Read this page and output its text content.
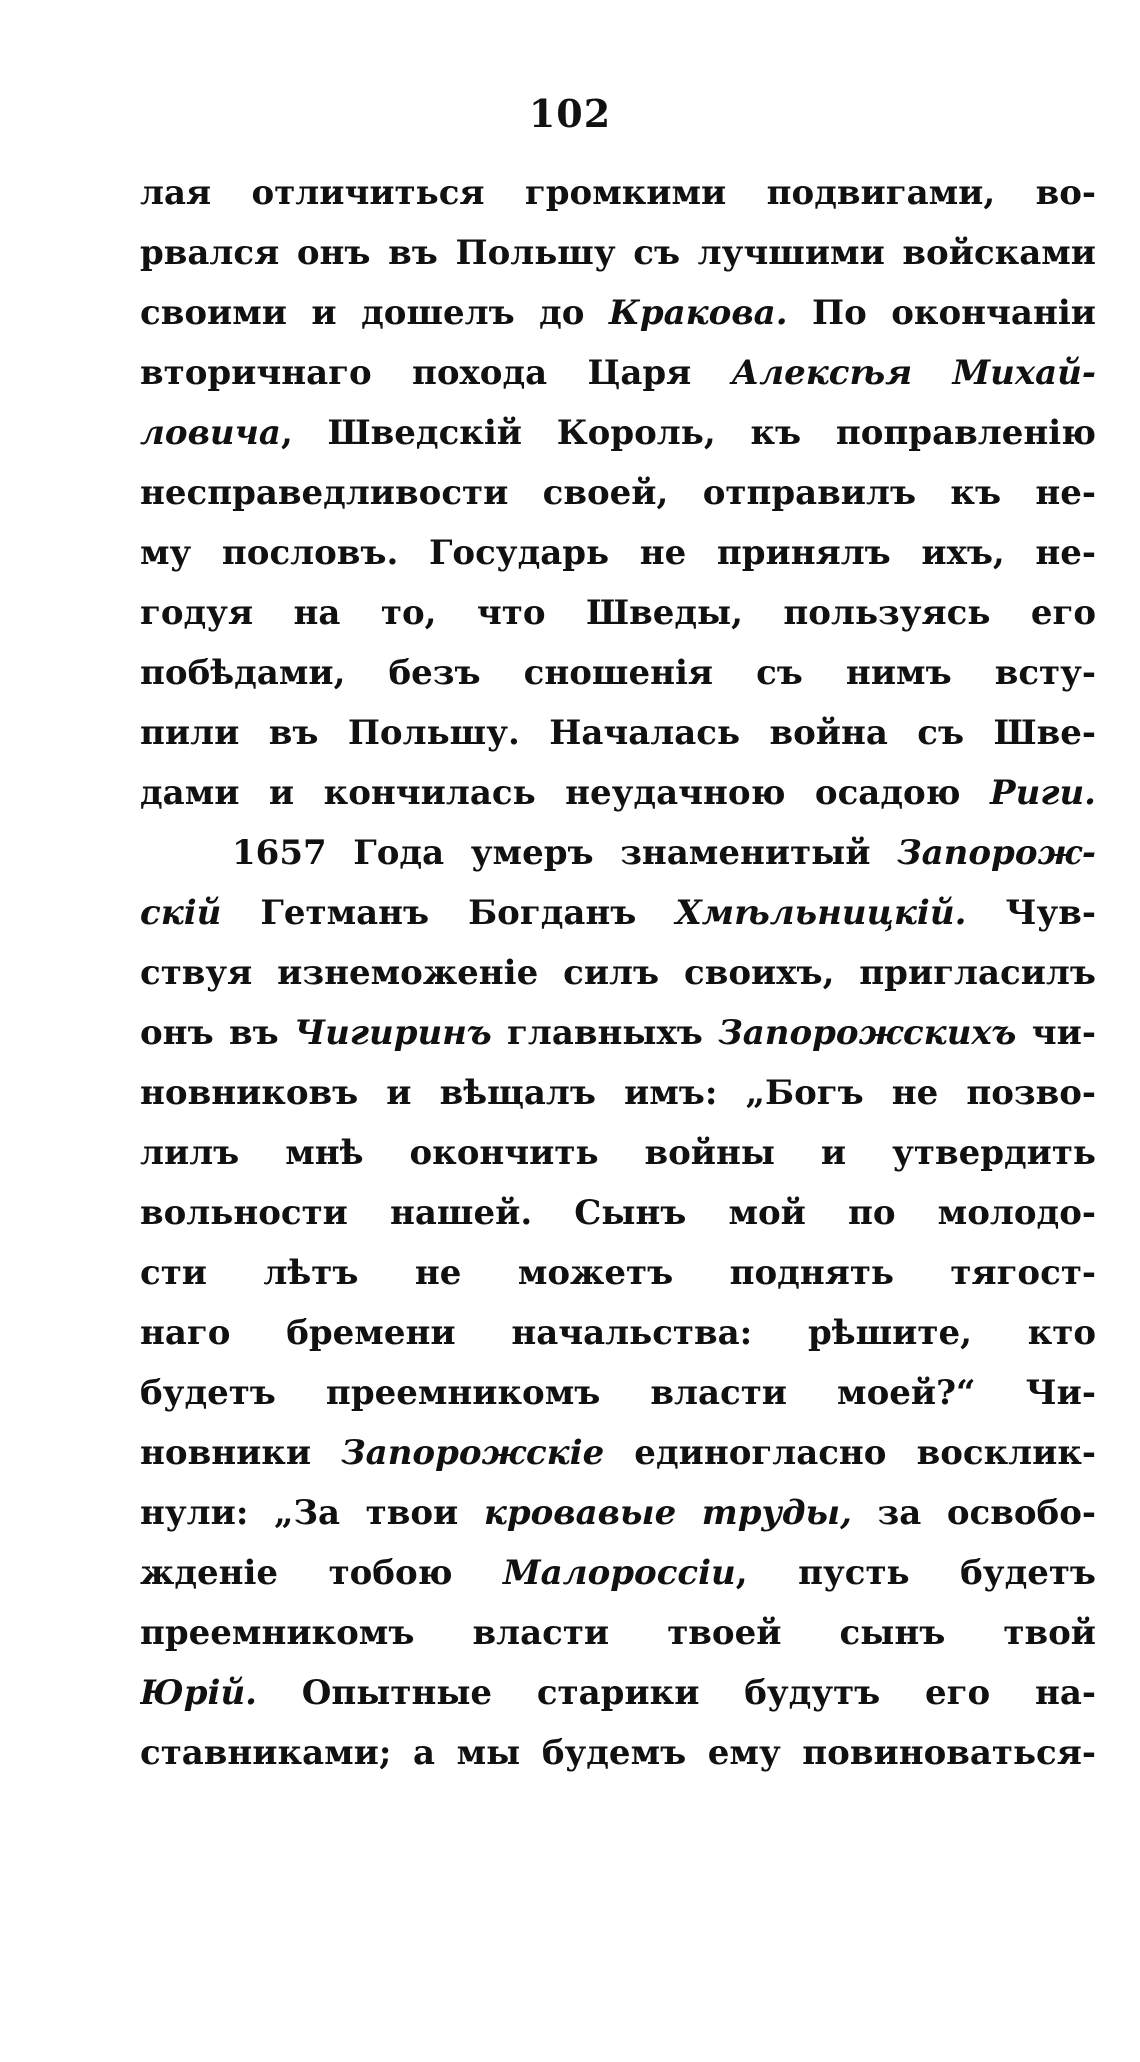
102
лая отличиться громкими подвигами, во-
рвался онъ въ Польшу съ лучшими войсками
своими и дошелъ до Кракова. По окончаніи
вторичнаго похода Царя Алексѣя Михай-
ловича, Шведскій Король, къ поправленію
несправедливости своей, отправилъ къ не-
му пословъ. Государь не принялъ ихъ, не-
годуя на то, что Шведы, пользуясь его
побѣдами, безъ сношенія съ нимъ всту-
пили въ Польшу. Началась война съ Шве-
дами и кончилась неудачною осадою Риги.
1657 Года умеръ знаменитый Запорож-
скій Гетманъ Богданъ Хмѣльницкій. Чув-
ствуя изнеможеніе силъ своихъ, пригласилъ
онъ въ Чигиринъ главныхъ Запорожскихъ чи-
новниковъ и вѣщалъ имъ: „Богъ не позво-
лилъ мнѣ окончить войны и утвердить
вольности нашей. Сынъ мой по молодо-
сти лѣтъ не можетъ поднять тягост-
наго бремени начальства: рѣшите, кто
будетъ преемникомъ власти моей?“ Чи-
новники Запорожскіе единогласно восклик-
нули: „За твои кровавые труды, за освобо-
жденіе тобою Малороссіи, пусть будетъ
преемникомъ власти твоей сынъ твой
Юрій. Опытные старики будутъ его на-
ставниками; а мы будемъ ему повиноваться-
